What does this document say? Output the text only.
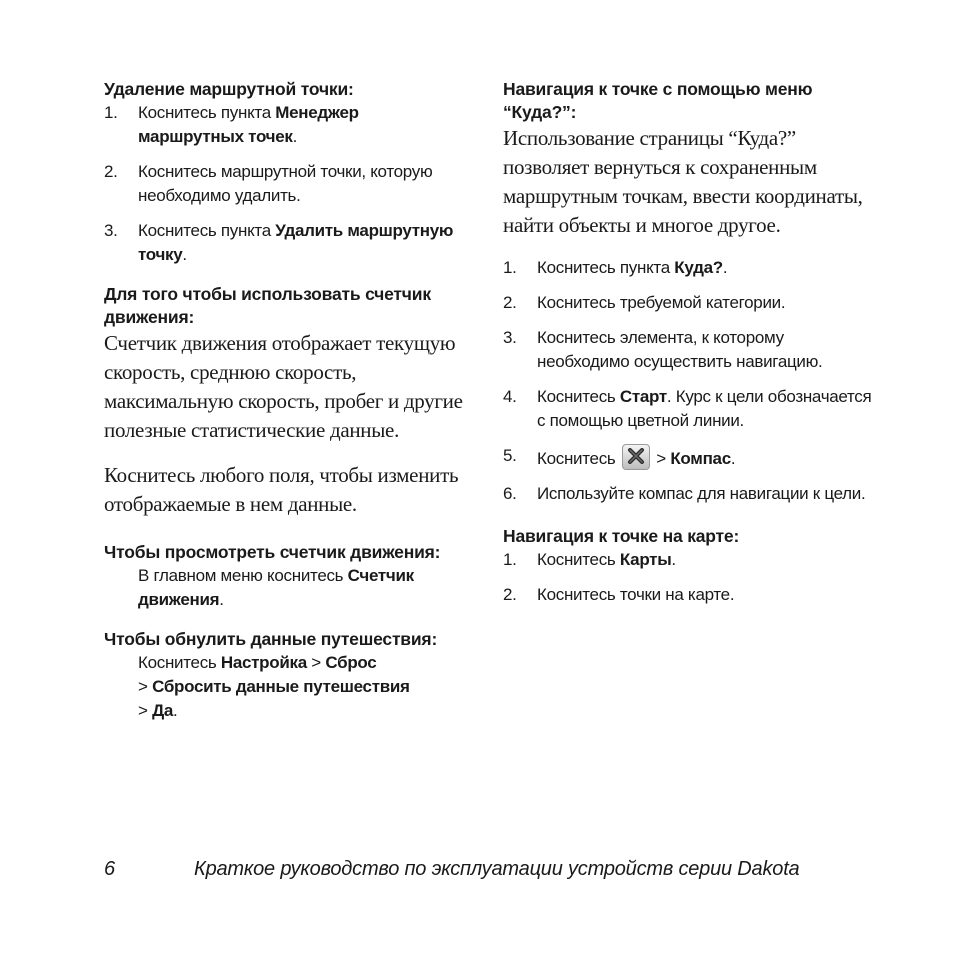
Удаление маршрутной точки:
1.	Коснитесь пункта Менеджер маршрутных точек.
2.	Коснитесь маршрутной точки, которую необходимо удалить.
3.	Коснитесь пункта Удалить маршрутную точку.
Для того чтобы использовать счетчик движения:

Счетчик движения отображает текущую скорость, среднюю скорость, максимальную скорость, пробег и другие полезные статистические данные.

Коснитесь любого поля, чтобы изменить отображаемые в нем данные.

Чтобы просмотреть счетчик движения:
В главном меню коснитесь Счетчик движения.
Чтобы обнулить данные путешествия:
Коснитесь Настройка > Сброс
> Сбросить данные путешествия
> Да.
Навигация к точке с помощью меню “Куда?”:

Использование страницы “Куда?” позволяет вернуться к сохраненным маршрутным точкам, ввести координаты, найти объекты и многое другое.

1.	Коснитесь пункта Куда?.
2.	Коснитесь требуемой категории.
3.	Коснитесь элемента, к которому необходимо осуществить навигацию.
4.	Коснитесь Старт. Курс к цели обозначается с помощью цветной линии.
5.	Коснитесь
> Компас.
6.	Используйте компас для навигации к цели.
Навигация к точке на карте:
1.	Коснитесь Карты.
2.	Коснитесь точки на карте.
6	Краткое руководство по эксплуатации устройств серии Dakota
